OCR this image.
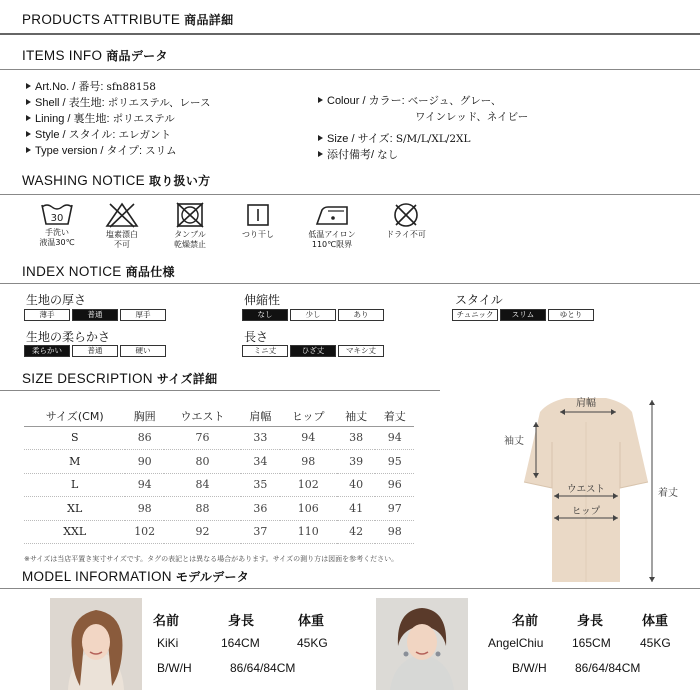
PRODUCTS ATTRIBUTE 商品詳細
ITEMS INFO 商品データ
Art.No. / 番号: sfn88158
Shell / 表生地: ポリエステル、レース
Lining / 裏生地: ポリエステル
Style / スタイル: エレガント
Type version / タイプ: スリム
Colour / カラー: ベージュ、グレー、
ワインレッド、ネイビー
Size / サイズ: S/M/L/XL/2XL
添付備考/ なし
WASHING NOTICE 取り扱い方
30
手洗い
液温30℃
塩素漂白
不可
タンブル
乾燥禁止
つり干し	低温アイロン
110℃限界
ドライ不可
INDEX NOTICE 商品仕様
生地の厚さ
薄手	普通	厚手
伸縮性
なし	少し	あり
スタイル
チュニック	スリム	ゆとり
生地の柔らかさ
柔らかい	普通	硬い
長さ
ミニ丈	ひざ丈	マキシ丈
SIZE DESCRIPTION サイズ詳細
サイズ(CM)	胸囲	ウエスト	肩幅	ヒップ	袖丈	着丈
S	86	76	33	94	38	94
M	90	80	34	98	39	95
L	94	84	35	102	40	96
XL	98	88	36	106	41	97
XXL	102	92	37	110	42	98
※サイズは当店平置き実寸サイズです。タグの表記とは異なる場合があります。サイズの測り方は図面を参考ください。
肩幅
袖丈
ウエスト
ヒップ
着丈
MODEL INFORMATION モデルデータ
名前	身長	体重
KiKi	164CM	45KG
B/W/H	86/64/84CM
名前	身長	体重
AngelChiu 165CM 45KG
B/W/H 86/64/84CM
